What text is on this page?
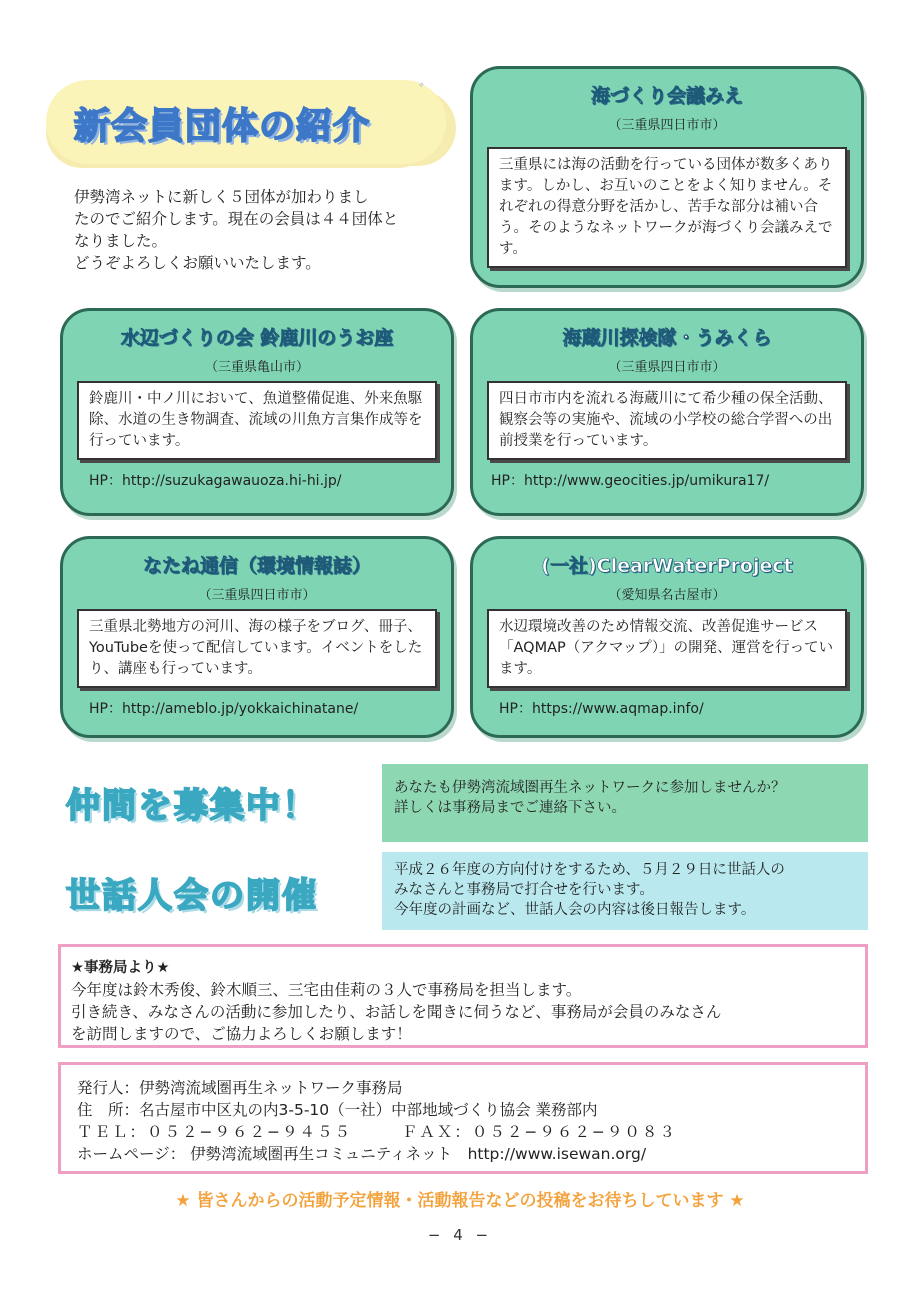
新会員団体の紹介
゛

伊勢湾ネットに新しく５団体が加わりまし

たのでご紹介します。現在の会員は４４団体と

なりました。

どうぞよろしくお願いいたします。

海づくり会議みえ
（三重県四日市市）
三重県には海の活動を行っている団体が数多くあります。しかし、お互いのことをよく知りません。それぞれの得意分野を活かし、苦手な部分は補い合う。そのようなネットワークが海づくり会議みえです。
水辺づくりの会 鈴鹿川のうお座
（三重県亀山市）
鈴鹿川・中ノ川において、魚道整備促進、外来魚駆除、水道の生き物調査、流域の川魚方言集作成等を行っています。
HP：http://suzukagawauoza.hi-hi.jp/
海蔵川探検隊・うみくら
（三重県四日市市）
四日市市内を流れる海蔵川にて希少種の保全活動、観察会等の実施や、流域の小学校の総合学習への出前授業を行っています。
HP：http://www.geocities.jp/umikura17/
なたね通信（環境情報誌）
（三重県四日市市）
三重県北勢地方の河川、海の様子をブログ、冊子、YouTubeを使って配信しています。イベントをしたり、講座も行っています。
HP：http://ameblo.jp/yokkaichinatane/
(一社)ClearWaterProject
（愛知県名古屋市）
水辺環境改善のため情報交流、改善促進サービス「AQMAP（アクマップ）」の開発、運営を行っています。
HP：https://www.aqmap.info/
仲間を募集中！	あなたも伊勢湾流域圏再生ネットワークに参加しませんか？

詳しくは事務局までご連絡下さい。

世話人会の開催

平成２６年度の方向付けをするため、５月２９日に世話人の

みなさんと事務局で打合せを行います。

今年度の計画など、世話人会の内容は後日報告します。

★事務局より★

今年度は鈴木秀俊、鈴木順三、三宅由佳莉の３人で事務局を担当します。

引き続き、みなさんの活動に参加したり、お話しを聞きに伺うなど、事務局が会員のみなさん

を訪問しますので、ご協力よろしくお願します！

発行人：伊勢湾流域圏再生ネットワーク事務局

住　所：名古屋市中区丸の内3-5-10（一社）中部地域づくり協会 業務部内

ＴＥＬ：０５２−９６２−９４５５	ＦＡＸ：０５２−９６２−９０８３

ホームページ： 伊勢湾流域圏再生コミュニティネット　http://www.isewan.org/

★ 皆さんからの活動予定情報・活動報告などの投稿をお待ちしています ★
− 4 −
